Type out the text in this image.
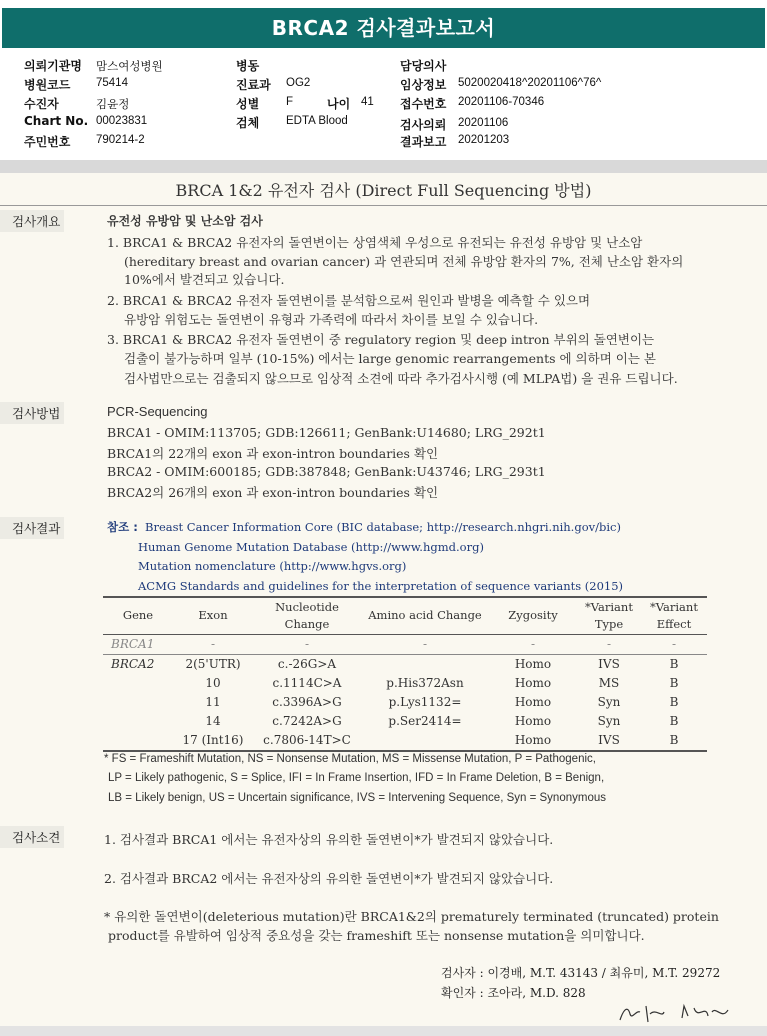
BRCA2 검사결과보고서
의뢰기관명 맘스여성병원
병원코드 75414
수진자	김윤정
Chart No. 00023831
주민번호 790214-2
병동
진료과 OG2
성별 F	나이 41
검체 EDTA Blood
담당의사
임상정보 5020020418^20201106^76^
접수번호 20201106-70346
검사의뢰 20201106
결과보고 20201203
BRCA 1&2 유전자 검사 (Direct Full Sequencing 방법)
검사개요	유전성 유방암 및 난소암 검사
1. BRCA1 & BRCA2 유전자의 돌연변이는 상염색체 우성으로 유전되는 유전성 유방암 및 난소암
(hereditary breast and ovarian cancer) 과 연관되며 전체 유방암 환자의 7%, 전체 난소암 환자의
10%에서 발견되고 있습니다.
2. BRCA1 & BRCA2 유전자 돌연변이를 분석함으로써 원인과 발병을 예측할 수 있으며
유방암 위험도는 돌연변이 유형과 가족력에 따라서 차이를 보일 수 있습니다.
3. BRCA1 & BRCA2 유전자 돌연변이 중 regulatory region 및 deep intron 부위의 돌연변이는
검출이 불가능하며 일부 (10-15%) 에서는 large genomic rearrangements 에 의하며 이는 본
검사법만으로는 검출되지 않으므로 임상적 소견에 따라 추가검사시행 (예 MLPA법) 을 권유 드립니다.
검사방법	PCR-Sequencing
BRCA1 - OMIM:113705; GDB:126611; GenBank:U14680; LRG_292t1
BRCA1의 22개의 exon 과 exon-intron boundaries 확인
BRCA2 - OMIM:600185; GDB:387848; GenBank:U43746; LRG_293t1
BRCA2의 26개의 exon 과 exon-intron boundaries 확인
검사결과	참조 : Breast Cancer Information Core (BIC database; http://research.nhgri.nih.gov/bic)
Human Genome Mutation Database (http://www.hgmd.org)
Mutation nomenclature (http://www.hgvs.org)
ACMG Standards and guidelines for the interpretation of sequence variants (2015)
Gene	Exon	Nucleotide Change	Amino acid Change	Zygosity	*Variant Type	*Variant Effect
BRCA1	-	-	-	-	-	-
BRCA2	2(5'UTR)	c.-26G>A		Homo	IVS	B
	10	c.1114C>A	p.His372Asn	Homo	MS	B
	11	c.3396A>G	p.Lys1132=	Homo	Syn	B
	14	c.7242A>G	p.Ser2414=	Homo	Syn	B
	17 (Int16)	c.7806-14T>C		Homo	IVS	B
* FS = Frameshift Mutation, NS = Nonsense Mutation, MS = Missense Mutation, P = Pathogenic,
LP = Likely pathogenic, S = Splice, IFI = In Frame Insertion, IFD = In Frame Deletion, B = Benign,
LB = Likely benign, US = Uncertain significance, IVS = Intervening Sequence, Syn = Synonymous
검사소견	1. 검사결과 BRCA1 에서는 유전자상의 유의한 돌연변이*가 발견되지 않았습니다.
2. 검사결과 BRCA2 에서는 유전자상의 유의한 돌연변이*가 발견되지 않았습니다.
* 유의한 돌연변이(deleterious mutation)란 BRCA1&2의 prematurely terminated (truncated) protein
product를 유발하여 임상적 중요성을 갖는 frameshift 또는 nonsense mutation을 의미합니다.
검사자 : 이경배, M.T. 43143 / 최유미, M.T. 29272
확인자 : 조아라, M.D. 828
